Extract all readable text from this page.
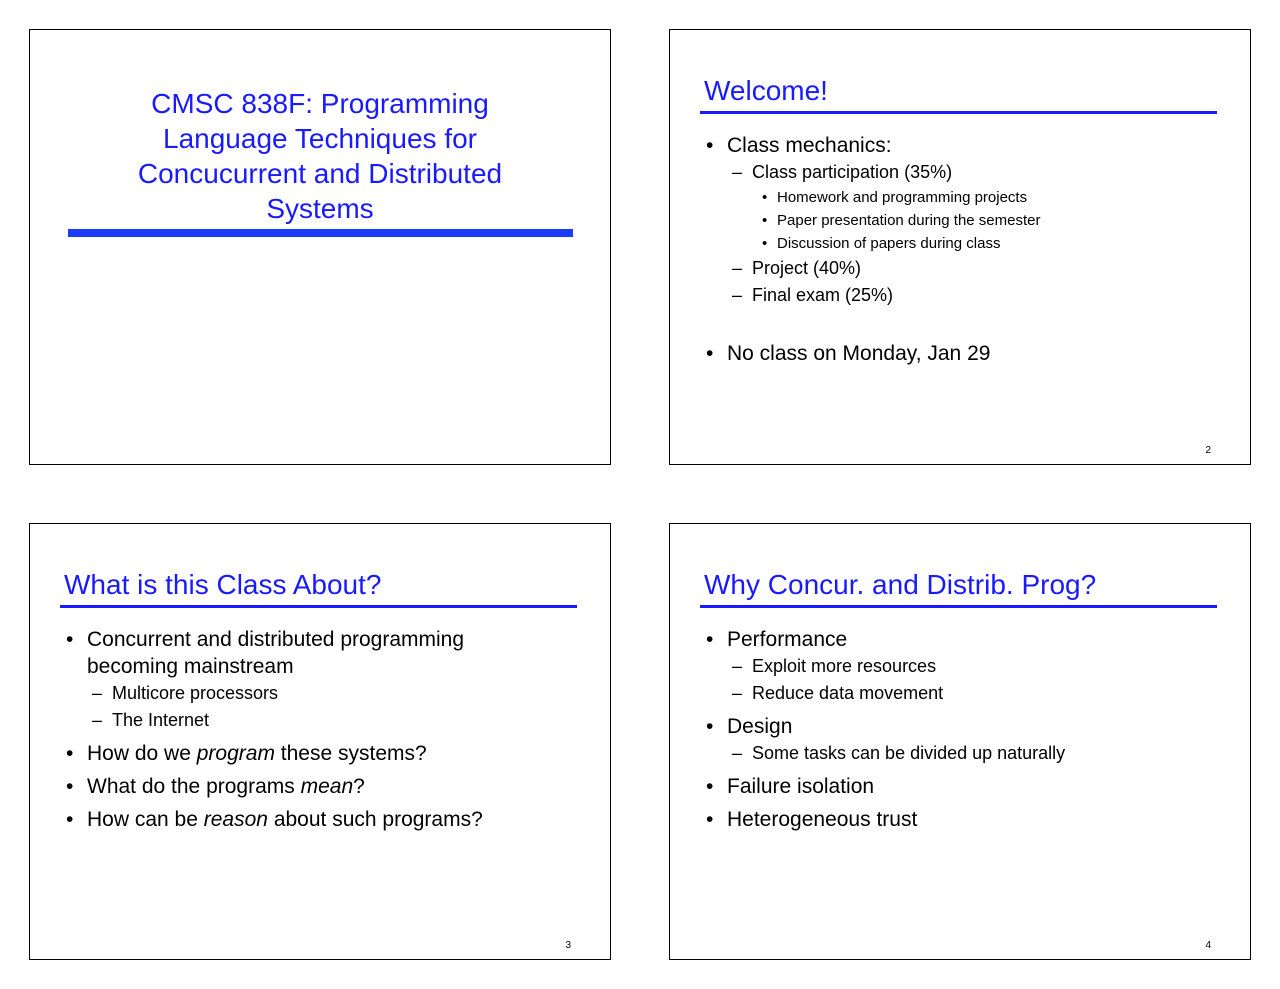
CMSC 838F: Programming
Language Techniques for
Concucurrent and Distributed
Systems
Welcome!
• Class mechanics:
– Class participation (35%)
• Homework and programming projects
• Paper presentation during the semester
• Discussion of papers during class
– Project (40%)
– Final exam (25%)
• No class on Monday, Jan 29
2
What is this Class About?
• Concurrent and distributed programming
becoming mainstream
– Multicore processors
– The Internet
• How do we program these systems?
• What do the programs mean?
• How can be reason about such programs?
3
Why Concur. and Distrib. Prog?
• Performance
– Exploit more resources
– Reduce data movement
• Design
– Some tasks can be divided up naturally
• Failure isolation
• Heterogeneous trust
4
